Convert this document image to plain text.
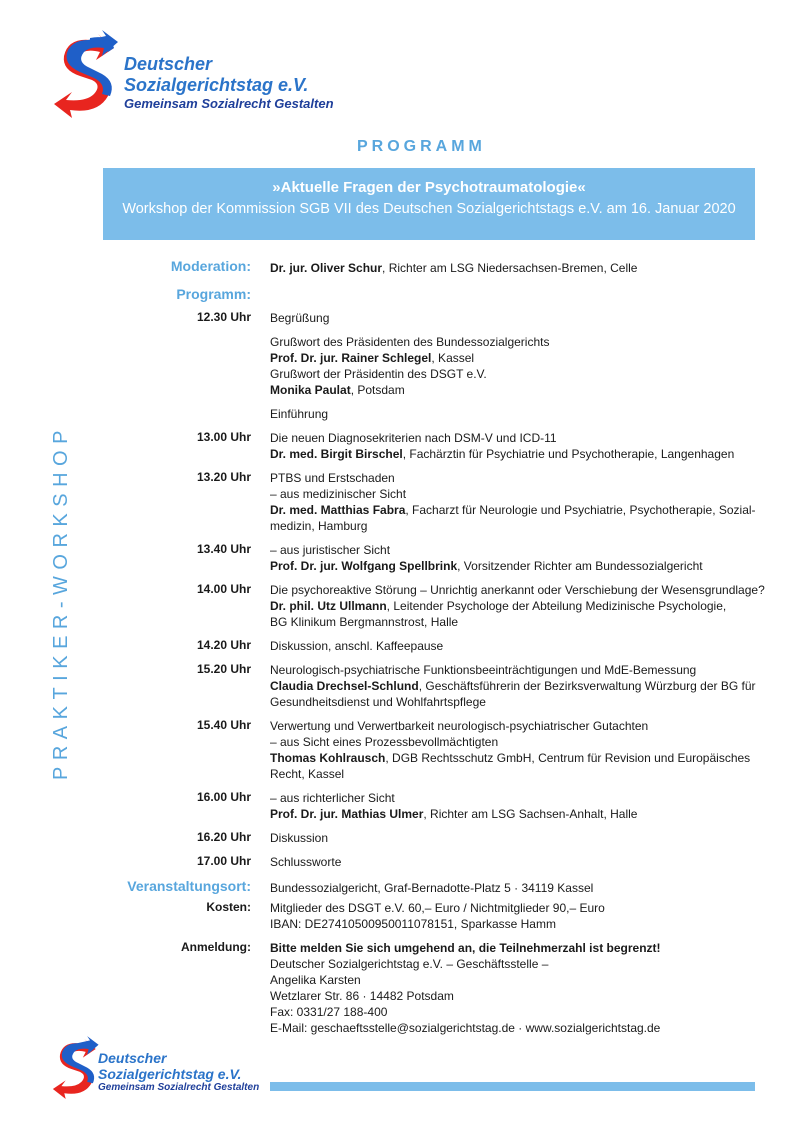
Deutscher
Sozialgerichtstag e.V.
Gemeinsam Sozialrecht Gestalten
PROGRAMM
»Aktuelle Fragen der Psychotraumatologie«
Workshop der Kommission SGB VII des Deutschen Sozialgerichtstags e.V. am 16. Januar 2020
PRAKTIKER-WORKSHOP
Moderation: Dr. jur. Oliver Schur, Richter am LSG Niedersachsen-Bremen, Celle
Programm:
12.30 Uhr Begrüßung
Grußwort des Präsidenten des Bundessozialgerichts
Prof. Dr. jur. Rainer Schlegel, Kassel
Grußwort der Präsidentin des DSGT e.V.
Monika Paulat, Potsdam
Einführung
13.00 Uhr Die neuen Diagnosekriterien nach DSM-V und ICD-11
Dr. med. Birgit Birschel, Fachärztin für Psychiatrie und Psychotherapie, Langenhagen
13.20 Uhr PTBS und Erstschaden
– aus medizinischer Sicht
Dr. med. Matthias Fabra, Facharzt für Neurologie und Psychiatrie, Psychotherapie, Sozial-
medizin, Hamburg
13.40 Uhr – aus juristischer Sicht
Prof. Dr. jur. Wolfgang Spellbrink, Vorsitzender Richter am Bundessozialgericht
14.00 Uhr Die psychoreaktive Störung – Unrichtig anerkannt oder Verschiebung der Wesensgrundlage?
Dr. phil. Utz Ullmann, Leitender Psychologe der Abteilung Medizinische Psychologie,
BG Klinikum Bergmannstrost, Halle
14.20 Uhr Diskussion, anschl. Kaffeepause
15.20 Uhr Neurologisch-psychiatrische Funktionsbeeinträchtigungen und MdE-Bemessung
Claudia Drechsel-Schlund, Geschäftsführerin der Bezirksverwaltung Würzburg der BG für
Gesundheitsdienst und Wohlfahrtspflege
15.40 Uhr Verwertung und Verwertbarkeit neurologisch-psychiatrischer Gutachten
– aus Sicht eines Prozessbevollmächtigten
Thomas Kohlrausch, DGB Rechtsschutz GmbH, Centrum für Revision und Europäisches
Recht, Kassel
16.00 Uhr – aus richterlicher Sicht
Prof. Dr. jur. Mathias Ulmer, Richter am LSG Sachsen-Anhalt, Halle
16.20 Uhr Diskussion
17.00 Uhr Schlussworte
Veranstaltungsort: Bundessozialgericht, Graf-Bernadotte-Platz 5 · 34119 Kassel
Kosten: Mitglieder des DSGT e.V. 60,– Euro / Nichtmitglieder 90,– Euro
IBAN: DE27410500950011078151, Sparkasse Hamm
Anmeldung: Bitte melden Sie sich umgehend an, die Teilnehmerzahl ist begrenzt!
Deutscher Sozialgerichtstag e.V. – Geschäftsstelle –
Angelika Karsten
Wetzlarer Str. 86 · 14482 Potsdam
Fax: 0331/27 188-400
E-Mail: geschaeftsstelle@sozialgerichtstag.de · www.sozialgerichtstag.de
Deutscher
Sozialgerichtstag e.V.
Gemeinsam Sozialrecht Gestalten
